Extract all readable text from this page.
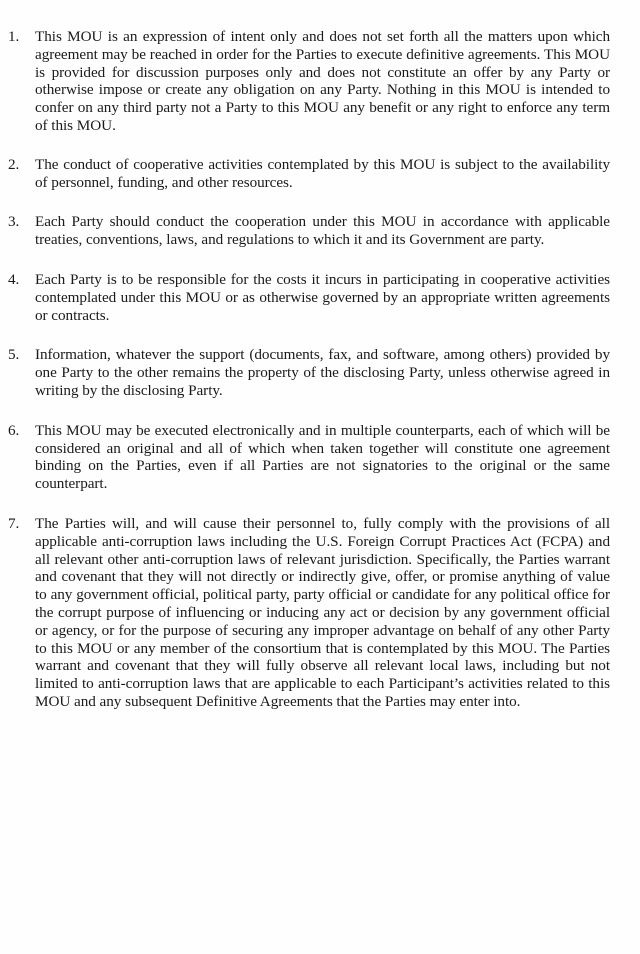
1.	This MOU is an expression of intent only and does not set forth all the matters upon which agreement may be reached in order for the Parties to execute definitive agreements. This MOU is provided for discussion purposes only and does not constitute an offer by any Party or otherwise impose or create any obligation on any Party. Nothing in this MOU is intended to confer on any third party not a Party to this MOU any benefit or any right to enforce any term of this MOU.
2.	The conduct of cooperative activities contemplated by this MOU is subject to the availability of personnel, funding, and other resources.
3.	Each Party should conduct the cooperation under this MOU in accordance with applicable treaties, conventions, laws, and regulations to which it and its Government are party.
4.	Each Party is to be responsible for the costs it incurs in participating in cooperative activities contemplated under this MOU or as otherwise governed by an appropriate written agreements or contracts.
5.	Information, whatever the support (documents, fax, and software, among others) provided by one Party to the other remains the property of the disclosing Party, unless otherwise agreed in writing by the disclosing Party.
6.	This MOU may be executed electronically and in multiple counterparts, each of which will be considered an original and all of which when taken together will constitute one agreement binding on the Parties, even if all Parties are not signatories to the original or the same counterpart.
7.	The Parties will, and will cause their personnel to, fully comply with the provisions of all applicable anti-corruption laws including the U.S. Foreign Corrupt Practices Act (FCPA) and all relevant other anti-corruption laws of relevant jurisdiction. Specifically, the Parties warrant and covenant that they will not directly or indirectly give, offer, or promise anything of value to any government official, political party, party official or candidate for any political office for the corrupt purpose of influencing or inducing any act or decision by any government official or agency, or for the purpose of securing any improper advantage on behalf of any other Party to this MOU or any member of the consortium that is contemplated by this MOU. The Parties warrant and covenant that they will fully observe all relevant local laws, including but not limited to anti-corruption laws that are applicable to each Participant’s activities related to this MOU and any subsequent Definitive Agreements that the Parties may enter into.
